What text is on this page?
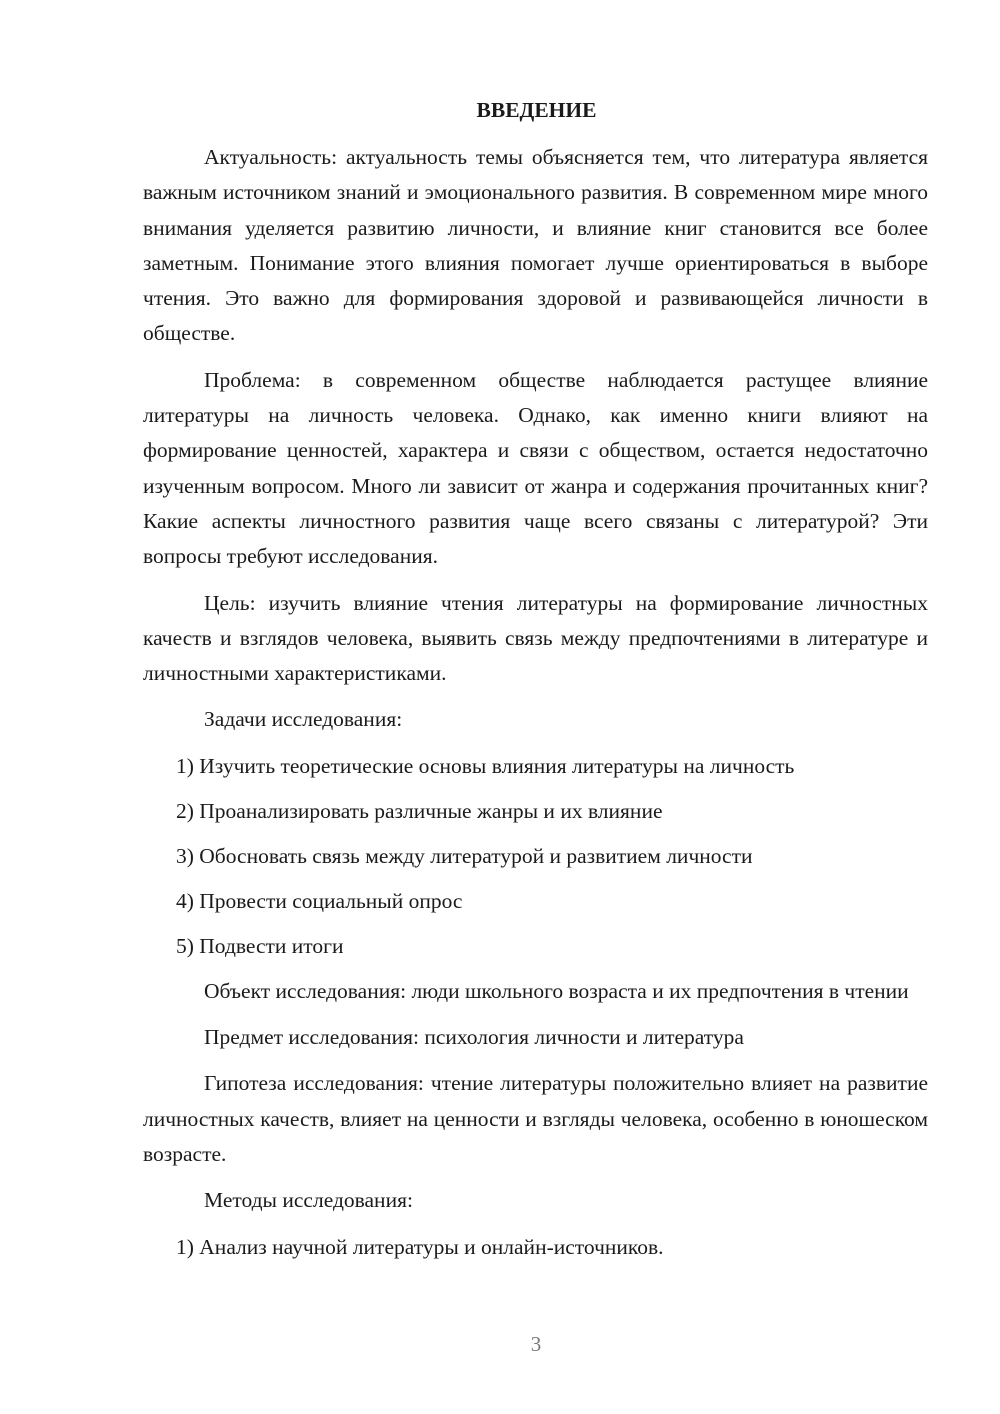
ВВЕДЕНИЕ

Актуальность: актуальность темы объясняется тем, что литература является важным источником знаний и эмоционального развития. В современном мире много внимания уделяется развитию личности, и влияние книг становится все более заметным. Понимание этого влияния помогает лучше ориентироваться в выборе чтения. Это важно для формирования здоровой и развивающейся личности в обществе.

Проблема: в современном обществе наблюдается растущее влияние литературы на личность человека. Однако, как именно книги влияют на формирование ценностей, характера и связи с обществом, остается недостаточно изученным вопросом. Много ли зависит от жанра и содержания прочитанных книг? Какие аспекты личностного развития чаще всего связаны с литературой? Эти вопросы требуют исследования.

Цель: изучить влияние чтения литературы на формирование личностных качеств и взглядов человека, выявить связь между предпочтениями в литературе и личностными характеристиками.

Задачи исследования:

1) Изучить теоретические основы влияния литературы на личность
2) Проанализировать различные жанры и их влияние
3) Обосновать связь между литературой и развитием личности
4) Провести социальный опрос
5) Подвести итоги

Объект исследования: люди школьного возраста и их предпочтения в чтении

Предмет исследования: психология личности и литература

Гипотеза исследования: чтение литературы положительно влияет на развитие личностных качеств, влияет на ценности и взгляды человека, особенно в юношеском возрасте.

Методы исследования:

1) Анализ научной литературы и онлайн-источников.
3
